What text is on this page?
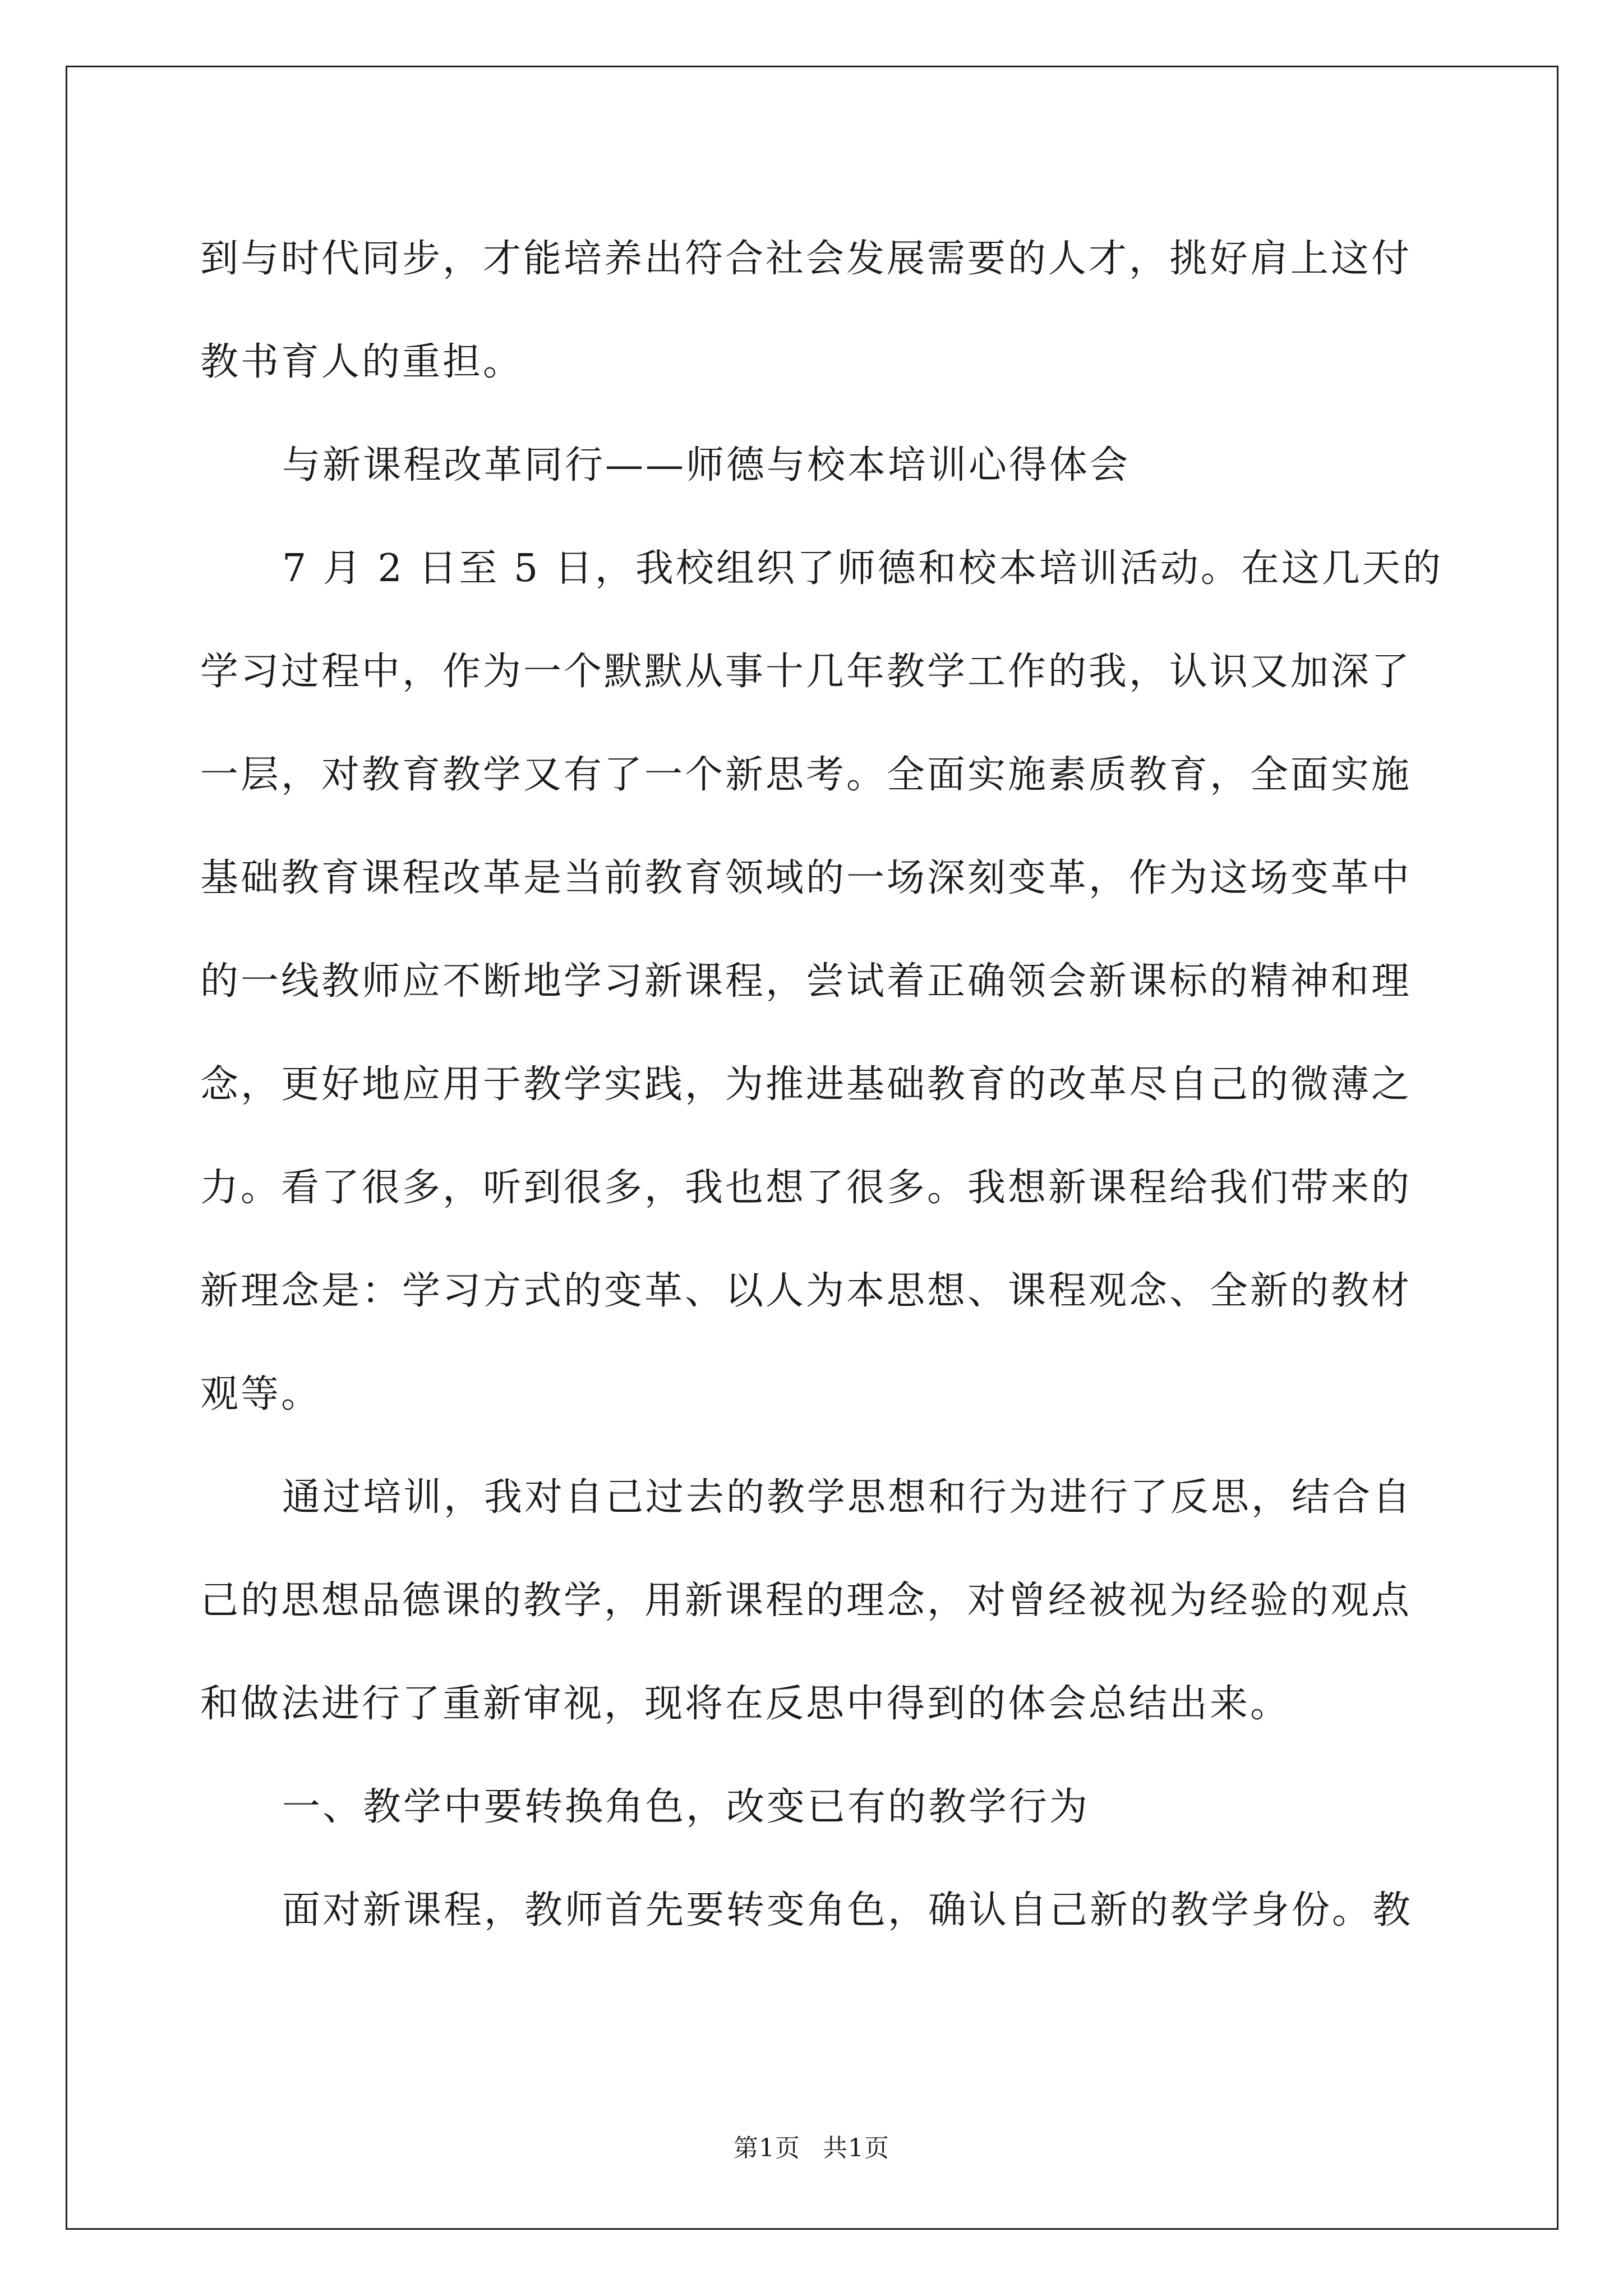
到与时代同步，才能培养出符合社会发展需要的人才，挑好肩上这付
教书育人的重担。
与新课程改革同行——师德与校本培训心得体会
7 月 2 日至 5 日，我校组织了师德和校本培训活动。在这几天的
学习过程中，作为一个默默从事十几年教学工作的我，认识又加深了
一层，对教育教学又有了一个新思考。全面实施素质教育，全面实施
基础教育课程改革是当前教育领域的一场深刻变革，作为这场变革中
的一线教师应不断地学习新课程，尝试着正确领会新课标的精神和理
念，更好地应用于教学实践，为推进基础教育的改革尽自己的微薄之
力。看了很多，听到很多，我也想了很多。我想新课程给我们带来的
新理念是：学习方式的变革、以人为本思想、课程观念、全新的教材
观等。
通过培训，我对自己过去的教学思想和行为进行了反思，结合自
己的思想品德课的教学，用新课程的理念，对曾经被视为经验的观点
和做法进行了重新审视，现将在反思中得到的体会总结出来。
一、教学中要转换角色，改变已有的教学行为
面对新课程，教师首先要转变角色，确认自己新的教学身份。教
第1页 共1页
